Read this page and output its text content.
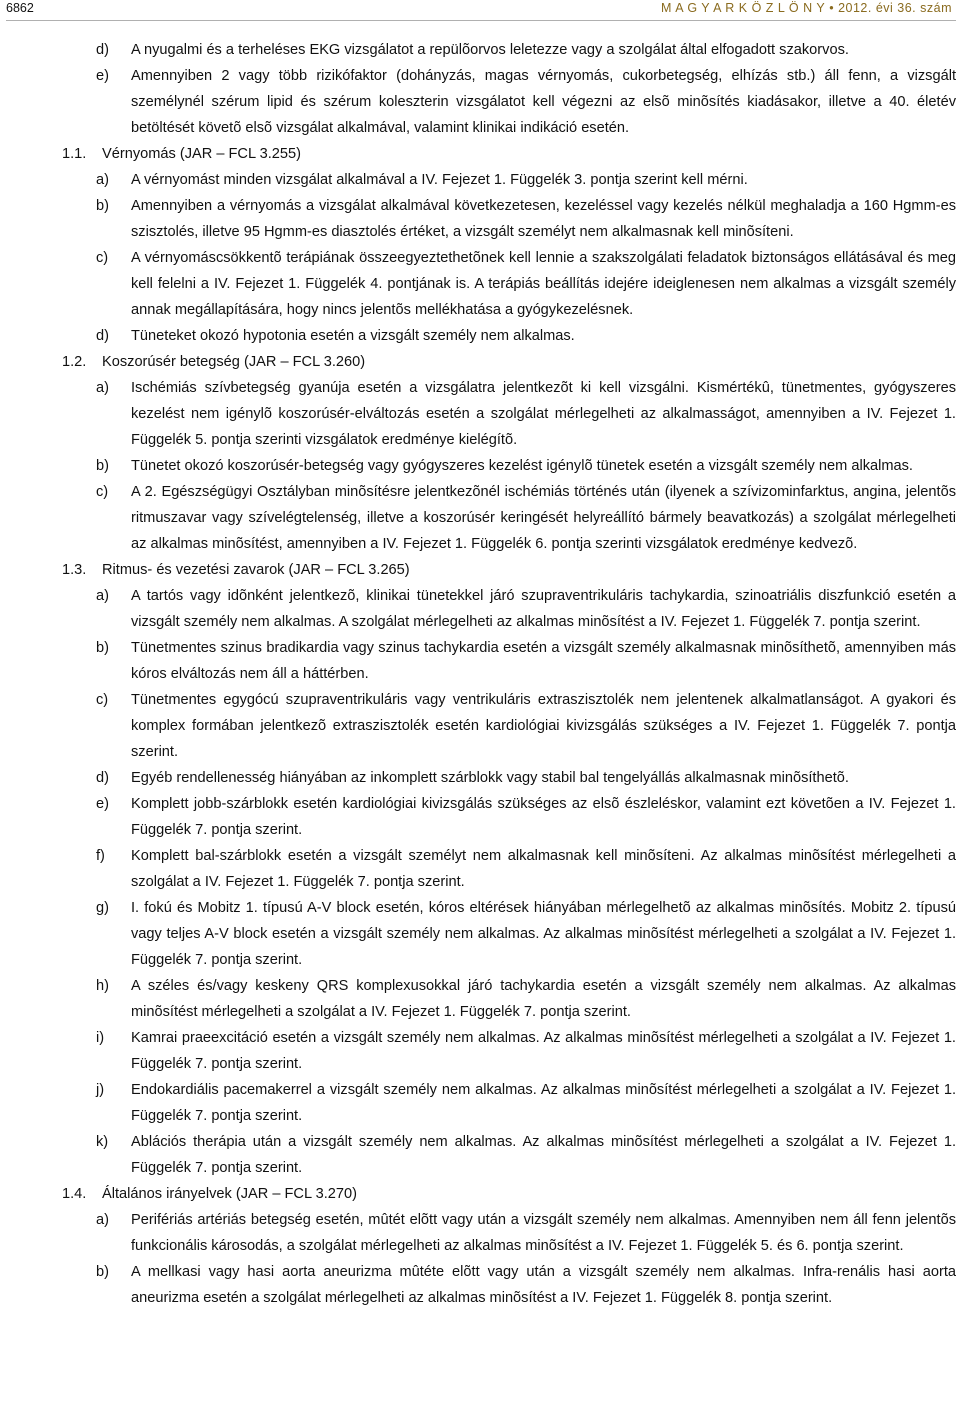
6862	M A G Y A R K Ö Z L Ö N Y • 2012. évi 36. szám
d) A nyugalmi és a terheléses EKG vizsgálatot a repülõorvos leletezze vagy a szolgálat által elfogadott szakorvos.
e) Amennyiben 2 vagy több rizikófaktor (dohányzás, magas vérnyomás, cukorbetegség, elhízás stb.) áll fenn, a vizsgált személynél szérum lipid és szérum koleszterin vizsgálatot kell végezni az elsõ minõsítés kiadásakor, illetve a 40. életév betöltését követõ elsõ vizsgálat alkalmával, valamint klinikai indikáció esetén.
1.1. Vérnyomás (JAR – FCL 3.255)
a) A vérnyomást minden vizsgálat alkalmával a IV. Fejezet 1. Függelék 3. pontja szerint kell mérni.
b) Amennyiben a vérnyomás a vizsgálat alkalmával következetesen, kezeléssel vagy kezelés nélkül meghaladja a 160 Hgmm-es szisztolés, illetve 95 Hgmm-es diasztolés értéket, a vizsgált személyt nem alkalmasnak kell minõsíteni.
c) A vérnyomáscsökkentõ terápiának összeegyeztethetõnek kell lennie a szakszolgálati feladatok biztonságos ellátásával és meg kell felelni a IV. Fejezet 1. Függelék 4. pontjának is. A terápiás beállítás idejére ideiglenesen nem alkalmas a vizsgált személy annak megállapítására, hogy nincs jelentõs mellékhatása a gyógykezelésnek.
d) Tüneteket okozó hypotonia esetén a vizsgált személy nem alkalmas.
1.2. Koszorúsér betegség (JAR – FCL 3.260)
a) Ischémiás szívbetegség gyanúja esetén a vizsgálatra jelentkezõt ki kell vizsgálni. Kismértékû, tünetmentes, gyógyszeres kezelést nem igénylõ koszorúsér-elváltozás esetén a szolgálat mérlegelheti az alkalmasságot, amennyiben a IV. Fejezet 1. Függelék 5. pontja szerinti vizsgálatok eredménye kielégítõ.
b) Tünetet okozó koszorúsér-betegség vagy gyógyszeres kezelést igénylõ tünetek esetén a vizsgált személy nem alkalmas.
c) A 2. Egészségügyi Osztályban minõsítésre jelentkezõnél ischémiás történés után (ilyenek a szívizominfarktus, angina, jelentõs ritmuszavar vagy szívelégtelenség, illetve a koszorúsér keringését helyreállító bármely beavatkozás) a szolgálat mérlegelheti az alkalmas minõsítést, amennyiben a IV. Fejezet 1. Függelék 6. pontja szerinti vizsgálatok eredménye kedvezõ.
1.3. Ritmus- és vezetési zavarok (JAR – FCL 3.265)
a) A tartós vagy idõnként jelentkezõ, klinikai tünetekkel járó szupraventrikuláris tachykardia, szinoatriális diszfunkció esetén a vizsgált személy nem alkalmas. A szolgálat mérlegelheti az alkalmas minõsítést a IV. Fejezet 1. Függelék 7. pontja szerint.
b) Tünetmentes szinus bradikardia vagy szinus tachykardia esetén a vizsgált személy alkalmasnak minõsíthetõ, amennyiben más kóros elváltozás nem áll a háttérben.
c) Tünetmentes egygócú szupraventrikuláris vagy ventrikuláris extraszisztolék nem jelentenek alkalmatlanságot. A gyakori és komplex formában jelentkezõ extraszisztolék esetén kardiológiai kivizsgálás szükséges a IV. Fejezet 1. Függelék 7. pontja szerint.
d) Egyéb rendellenesség hiányában az inkomplett szárblokk vagy stabil bal tengelyállás alkalmasnak minõsíthetõ.
e) Komplett jobb-szárblokk esetén kardiológiai kivizsgálás szükséges az elsõ észleléskor, valamint ezt követõen a IV. Fejezet 1. Függelék 7. pontja szerint.
f) Komplett bal-szárblokk esetén a vizsgált személyt nem alkalmasnak kell minõsíteni. Az alkalmas minõsítést mérlegelheti a szolgálat a IV. Fejezet 1. Függelék 7. pontja szerint.
g) I. fokú és Mobitz 1. típusú A-V block esetén, kóros eltérések hiányában mérlegelhetõ az alkalmas minõsítés. Mobitz 2. típusú vagy teljes A-V block esetén a vizsgált személy nem alkalmas. Az alkalmas minõsítést mérlegelheti a szolgálat a IV. Fejezet 1. Függelék 7. pontja szerint.
h) A széles és/vagy keskeny QRS komplexusokkal járó tachykardia esetén a vizsgált személy nem alkalmas. Az alkalmas minõsítést mérlegelheti a szolgálat a IV. Fejezet 1. Függelék 7. pontja szerint.
i) Kamrai praeexcitáció esetén a vizsgált személy nem alkalmas. Az alkalmas minõsítést mérlegelheti a szolgálat a IV. Fejezet 1. Függelék 7. pontja szerint.
j) Endokardiális pacemakerrel a vizsgált személy nem alkalmas. Az alkalmas minõsítést mérlegelheti a szolgálat a IV. Fejezet 1. Függelék 7. pontja szerint.
k) Ablációs therápia után a vizsgált személy nem alkalmas. Az alkalmas minõsítést mérlegelheti a szolgálat a IV. Fejezet 1. Függelék 7. pontja szerint.
1.4. Általános irányelvek (JAR – FCL 3.270)
a) Perifériás artériás betegség esetén, mûtét elõtt vagy után a vizsgált személy nem alkalmas. Amennyiben nem áll fenn jelentõs funkcionális károsodás, a szolgálat mérlegelheti az alkalmas minõsítést a IV. Fejezet 1. Függelék 5. és 6. pontja szerint.
b) A mellkasi vagy hasi aorta aneurizma mûtéte elõtt vagy után a vizsgált személy nem alkalmas. Infra-renális hasi aorta aneurizma esetén a szolgálat mérlegelheti az alkalmas minõsítést a IV. Fejezet 1. Függelék 8. pontja szerint.
